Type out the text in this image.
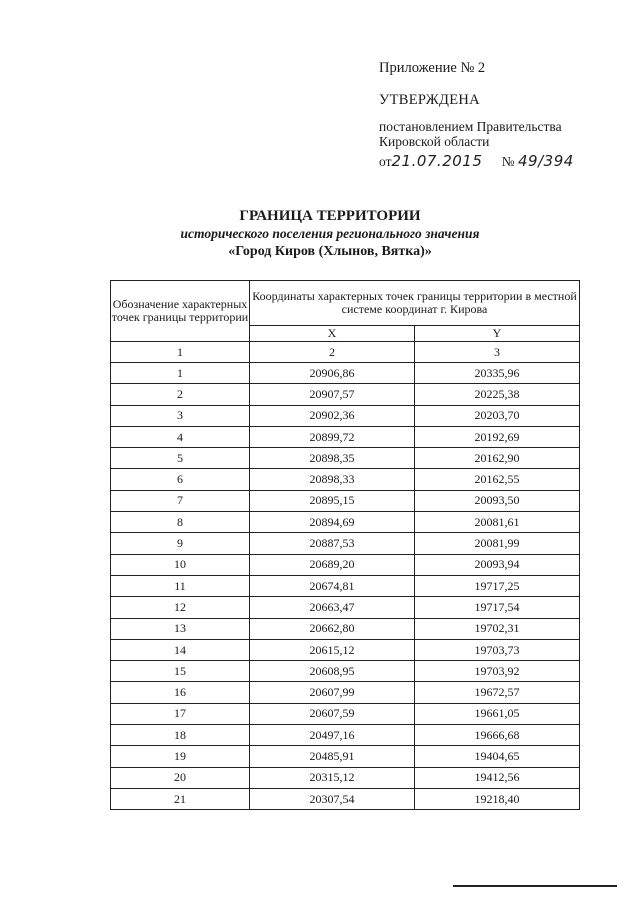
Приложение № 2
УТВЕРЖДЕНА
постановлением Правительства
Кировской области
от21.07.2015 № 49/394
ГРАНИЦА ТЕРРИТОРИИ
исторического поселения регионального значения
«Город Киров (Хлынов, Вятка)»
Обозначение характерных точек границы территории	Координаты характерных точек границы территории в местной системе координат г. Кирова	
	X	Y
1	2	3
1	20906,86	20335,96
2	20907,57	20225,38
3	20902,36	20203,70
4	20899,72	20192,69
5	20898,35	20162,90
6	20898,33	20162,55
7	20895,15	20093,50
8	20894,69	20081,61
9	20887,53	20081,99
10	20689,20	20093,94
11	20674,81	19717,25
12	20663,47	19717,54
13	20662,80	19702,31
14	20615,12	19703,73
15	20608,95	19703,92
16	20607,99	19672,57
17	20607,59	19661,05
18	20497,16	19666,68
19	20485,91	19404,65
20	20315,12	19412,56
21	20307,54	19218,40
